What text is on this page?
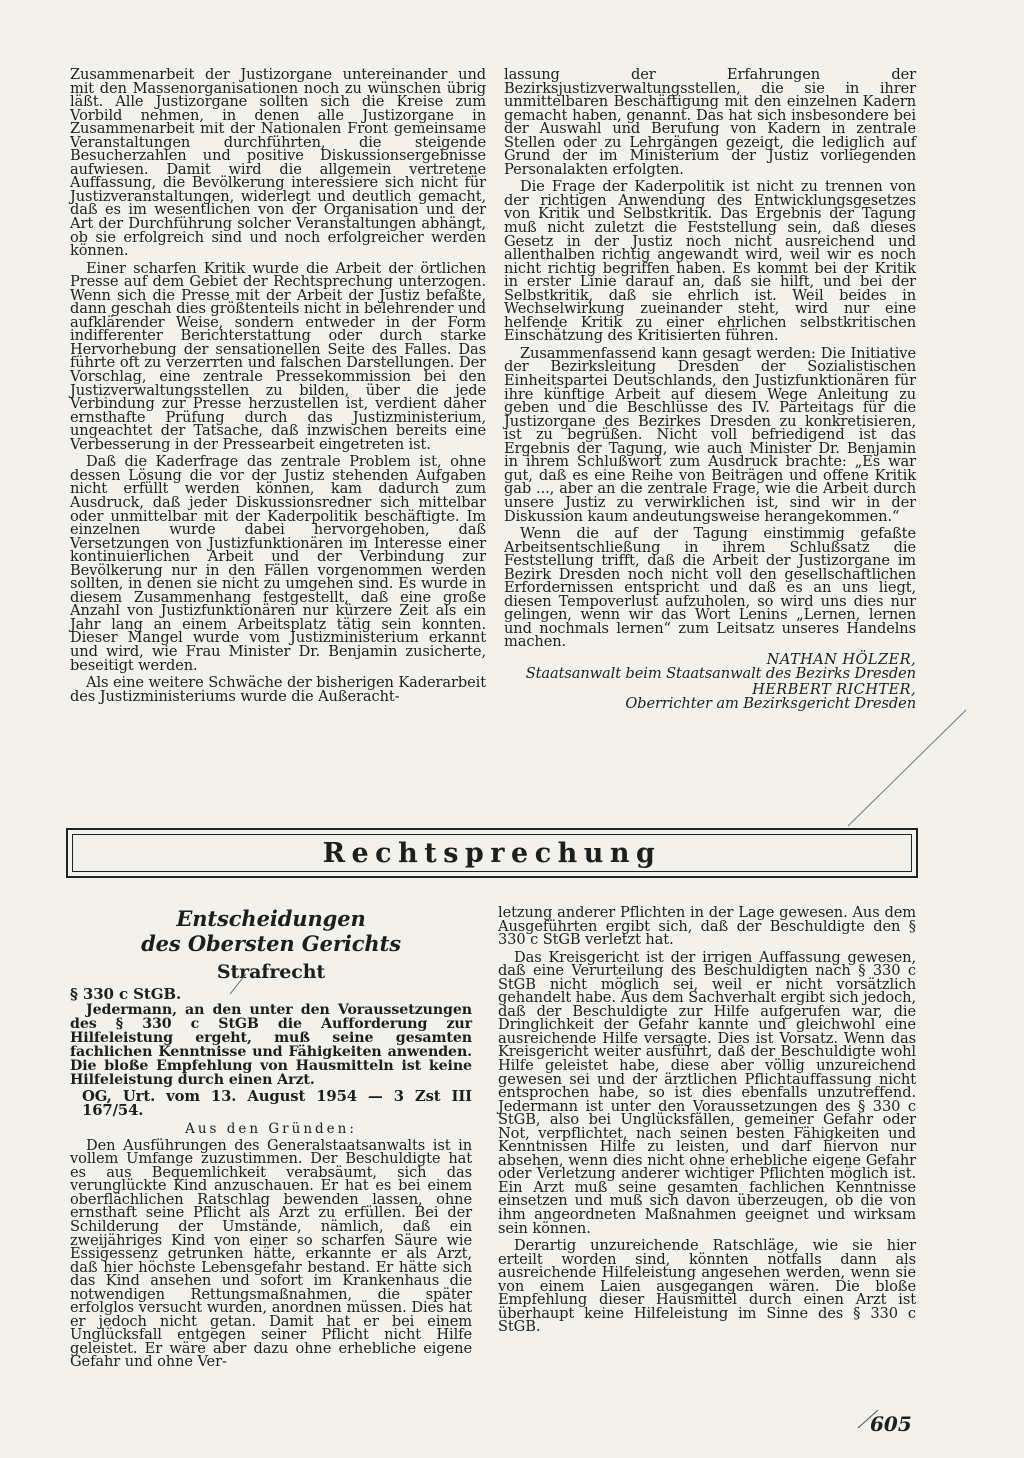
Zusammenarbeit der Justizorgane untereinander und mit den Massenorganisationen noch zu wünschen übrig läßt. Alle Justizorgane sollten sich die Kreise zum Vorbild nehmen, in denen alle Justizorgane in Zusammenarbeit mit der Nationalen Front gemeinsame Veranstaltungen durchführten, die steigende Besucherzahlen und positive Diskussionsergebnisse aufwiesen. Damit wird die allgemein vertretene Auffassung, die Bevölkerung interessiere sich nicht für Justizveranstaltungen, widerlegt und deutlich gemacht, daß es im wesentlichen von der Organisation und der Art der Durchführung solcher Veranstaltungen abhängt, ob sie erfolgreich sind und noch erfolgreicher werden können.

Einer scharfen Kritik wurde die Arbeit der örtlichen Presse auf dem Gebiet der Rechtsprechung unterzogen. Wenn sich die Presse mit der Arbeit der Justiz befaßte, dann geschah dies größtenteils nicht in belehrender und aufklärender Weise, sondern entweder in der Form indifferenter Berichterstattung oder durch starke Hervorhebung der sensationellen Seite des Falles. Das führte oft zu verzerrten und falschen Darstellungen. Der Vorschlag, eine zentrale Pressekommission bei den Justizverwaltungsstellen zu bilden, über die jede Verbindung zur Presse herzustellen ist, verdient daher ernsthafte Prüfung durch das Justizministerium, ungeachtet der Tatsache, daß inzwischen bereits eine Verbesserung in der Pressearbeit eingetreten ist.

Daß die Kaderfrage das zentrale Problem ist, ohne dessen Lösung die vor der Justiz stehenden Aufgaben nicht erfüllt werden können, kam dadurch zum Ausdruck, daß jeder Diskussionsredner sich mittelbar oder unmittelbar mit der Kaderpolitik beschäftigte. Im einzelnen wurde dabei hervorgehoben, daß Versetzungen von Justizfunktionären im Interesse einer kontinuierlichen Arbeit und der Verbindung zur Bevölkerung nur in den Fällen vorgenommen werden sollten, in denen sie nicht zu umgehen sind. Es wurde in diesem Zusammenhang festgestellt, daß eine große Anzahl von Justizfunktionären nur kürzere Zeit als ein Jahr lang an einem Arbeitsplatz tätig sein konnten. Dieser Mangel wurde vom Justizministerium erkannt und wird, wie Frau Minister Dr. Benjamin zusicherte, beseitigt werden.

Als eine weitere Schwäche der bisherigen Kaderarbeit des Justizministeriums wurde die Außeracht-

lassung der Erfahrungen der Bezirksjustizverwaltungsstellen, die sie in ihrer unmittelbaren Beschäftigung mit den einzelnen Kadern gemacht haben, genannt. Das hat sich insbesondere bei der Auswahl und Berufung von Kadern in zentrale Stellen oder zu Lehrgängen gezeigt, die lediglich auf Grund der im Ministerium der Justiz vorliegenden Personalakten erfolgten.

Die Frage der Kaderpolitik ist nicht zu trennen von der richtigen Anwendung des Entwicklungsgesetzes von Kritik und Selbstkritik. Das Ergebnis der Tagung muß nicht zuletzt die Feststellung sein, daß dieses Gesetz in der Justiz noch nicht ausreichend und allenthalben richtig angewandt wird, weil wir es noch nicht richtig begriffen haben. Es kommt bei der Kritik in erster Linie darauf an, daß sie hilft, und bei der Selbstkritik, daß sie ehrlich ist. Weil beides in Wechselwirkung zueinander steht, wird nur eine helfende Kritik zu einer ehrlichen selbstkritischen Einschätzung des Kritisierten führen.

Zusammenfassend kann gesagt werden: Die Initiative der Bezirksleitung Dresden der Sozialistischen Einheitspartei Deutschlands, den Justizfunktionären für ihre künftige Arbeit auf diesem Wege Anleitung zu geben und die Beschlüsse des IV. Parteitags für die Justizorgane des Bezirkes Dresden zu konkretisieren, ist zu begrüßen. Nicht voll befriedigend ist das Ergebnis der Tagung, wie auch Minister Dr. Benjamin in ihrem Schlußwort zum Ausdruck brachte: „Es war gut, daß es eine Reihe von Beiträgen und offene Kritik gab ..., aber an die zentrale Frage, wie die Arbeit durch unsere Justiz zu verwirklichen ist, sind wir in der Diskussion kaum andeutungsweise herangekommen.“

Wenn die auf der Tagung einstimmig gefaßte Arbeitsentschließung in ihrem Schlußsatz die Feststellung trifft, daß die Arbeit der Justizorgane im Bezirk Dresden noch nicht voll den gesellschaftlichen Erfordernissen entspricht und daß es an uns liegt, diesen Tempoverlust aufzuholen, so wird uns dies nur gelingen, wenn wir das Wort Lenins „Lernen, lernen und nochmals lernen“ zum Leitsatz unseres Handelns machen.

NATHAN HÖLZER,

Staatsanwalt beim Staatsanwalt des Bezirks Dresden

HERBERT RICHTER,

Oberrichter am Bezirksgericht Dresden

Rechtsprechung

Entscheidungen

des Obersten Gerichts

Strafrecht

§ 330 c StGB.

Jedermann, an den unter den Voraussetzungen des § 330 c StGB die Aufforderung zur Hilfeleistung ergeht, muß seine gesamten fachlichen Kenntnisse und Fähigkeiten anwenden. Die bloße Empfehlung von Hausmitteln ist keine Hilfeleistung durch einen Arzt.

OG, Urt. vom 13. August 1954 — 3 Zst III 167/54.

Aus den Gründen:

Den Ausführungen des Generalstaatsanwalts ist in vollem Umfange zuzustimmen. Der Beschuldigte hat es aus Bequemlichkeit verabsäumt, sich das verunglückte Kind anzuschauen. Er hat es bei einem oberflächlichen Ratschlag bewenden lassen, ohne ernsthaft seine Pflicht als Arzt zu erfüllen. Bei der Schilderung der Umstände, nämlich, daß ein zweijähriges Kind von einer so scharfen Säure wie Essigessenz getrunken hätte, erkannte er als Arzt, daß hier höchste Lebensgefahr bestand. Er hätte sich das Kind ansehen und sofort im Krankenhaus die notwendigen Rettungsmaßnahmen, die später erfolglos versucht wurden, anordnen müssen. Dies hat er jedoch nicht getan. Damit hat er bei einem Unglücksfall entgegen seiner Pflicht nicht Hilfe geleistet. Er wäre aber dazu ohne erhebliche eigene Gefahr und ohne Ver-

letzung anderer Pflichten in der Lage gewesen. Aus dem Ausgeführten ergibt sich, daß der Beschuldigte den § 330 c StGB verletzt hat.

Das Kreisgericht ist der irrigen Auffassung gewesen, daß eine Verurteilung des Beschuldigten nach § 330 c StGB nicht möglich sei, weil er nicht vorsätzlich gehandelt habe. Aus dem Sachverhalt ergibt sich jedoch, daß der Beschuldigte zur Hilfe aufgerufen war, die Dringlichkeit der Gefahr kannte und gleichwohl eine ausreichende Hilfe versagte. Dies ist Vorsatz. Wenn das Kreisgericht weiter ausführt, daß der Beschuldigte wohl Hilfe geleistet habe, diese aber völlig unzureichend gewesen sei und der ärztlichen Pflichtauffassung nicht entsprochen habe, so ist dies ebenfalls unzutreffend. Jedermann ist unter den Voraussetzungen des § 330 c StGB, also bei Unglücksfällen, gemeiner Gefahr oder Not, verpflichtet, nach seinen besten Fähigkeiten und Kenntnissen Hilfe zu leisten, und darf hiervon nur absehen, wenn dies nicht ohne erhebliche eigene Gefahr oder Verletzung anderer wichtiger Pflichten möglich ist. Ein Arzt muß seine gesamten fachlichen Kenntnisse einsetzen und muß sich davon überzeugen, ob die von ihm angeordneten Maßnahmen geeignet und wirksam sein können.

Derartig unzureichende Ratschläge, wie sie hier erteilt worden sind, könnten notfalls dann als ausreichende Hilfeleistung angesehen werden, wenn sie von einem Laien ausgegangen wären. Die bloße Empfehlung dieser Hausmittel durch einen Arzt ist überhaupt keine Hilfeleistung im Sinne des § 330 c StGB.

605
